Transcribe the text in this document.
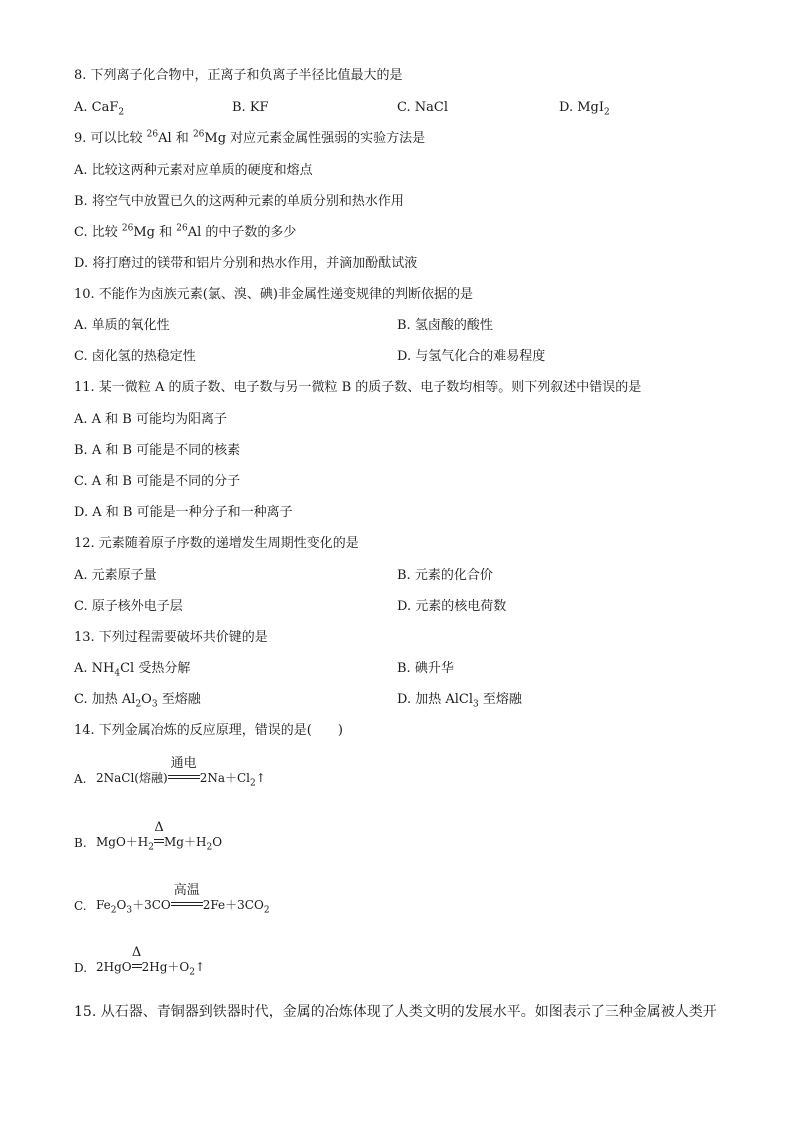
8. 下列离子化合物中，正离子和负离子半径比值最大的是
A. CaF$_2$	B. KF	C. NaCl	D. MgI$_2$
9. 可以比较 $^{26}$Al 和 $^{26}$Mg 对应元素金属性强弱的实验方法是
A. 比较这两种元素对应单质的硬度和熔点
B. 将空气中放置已久的这两种元素的单质分别和热水作用
C. 比较 $^{26}$Mg 和 $^{26}$Al 的中子数的多少
D. 将打磨过的镁带和铝片分别和热水作用，并滴加酚酞试液
10. 不能作为卤族元素(氯、溴、碘)非金属性递变规律的判断依据的是
A. 单质的氧化性	B. 氢卤酸的酸性
C. 卤化氢的热稳定性	D. 与氢气化合的难易程度
11. 某一微粒 A 的质子数、电子数与另一微粒 B 的质子数、电子数均相等。则下列叙述中错误的是
A. A 和 B 可能均为阳离子
B. A 和 B 可能是不同的核素
C. A 和 B 可能是不同的分子
D. A 和 B 可能是一种分子和一种离子
12. 元素随着原子序数的递增发生周期性变化的是
A. 元素原子量	B. 元素的化合价
C. 原子核外电子层	D. 元素的核电荷数
13. 下列过程需要破坏共价键的是
A. $NH_4Cl$ 受热分解	B. 碘升华
C. 加热 $Al_2O_3$ 至熔融	D. 加热 AlCl$_3$ 至熔融
14. 下列金属冶炼的反应原理，错误的是(　　)
A. 2NaCl(熔融)
通电
$2Na+Cl_2↑$
B. $MgO+H_2$
Δ
$Mg+H_2O$
C. $Fe_2O_3+3CO$
高温
$2Fe+3CO_2$
D. 2HgO
Δ
$2Hg+O_2↑$
15. 从石器、青铜器到铁器时代，金属的冶炼体现了人类文明的发展水平。如图表示了三种金属被人类开
